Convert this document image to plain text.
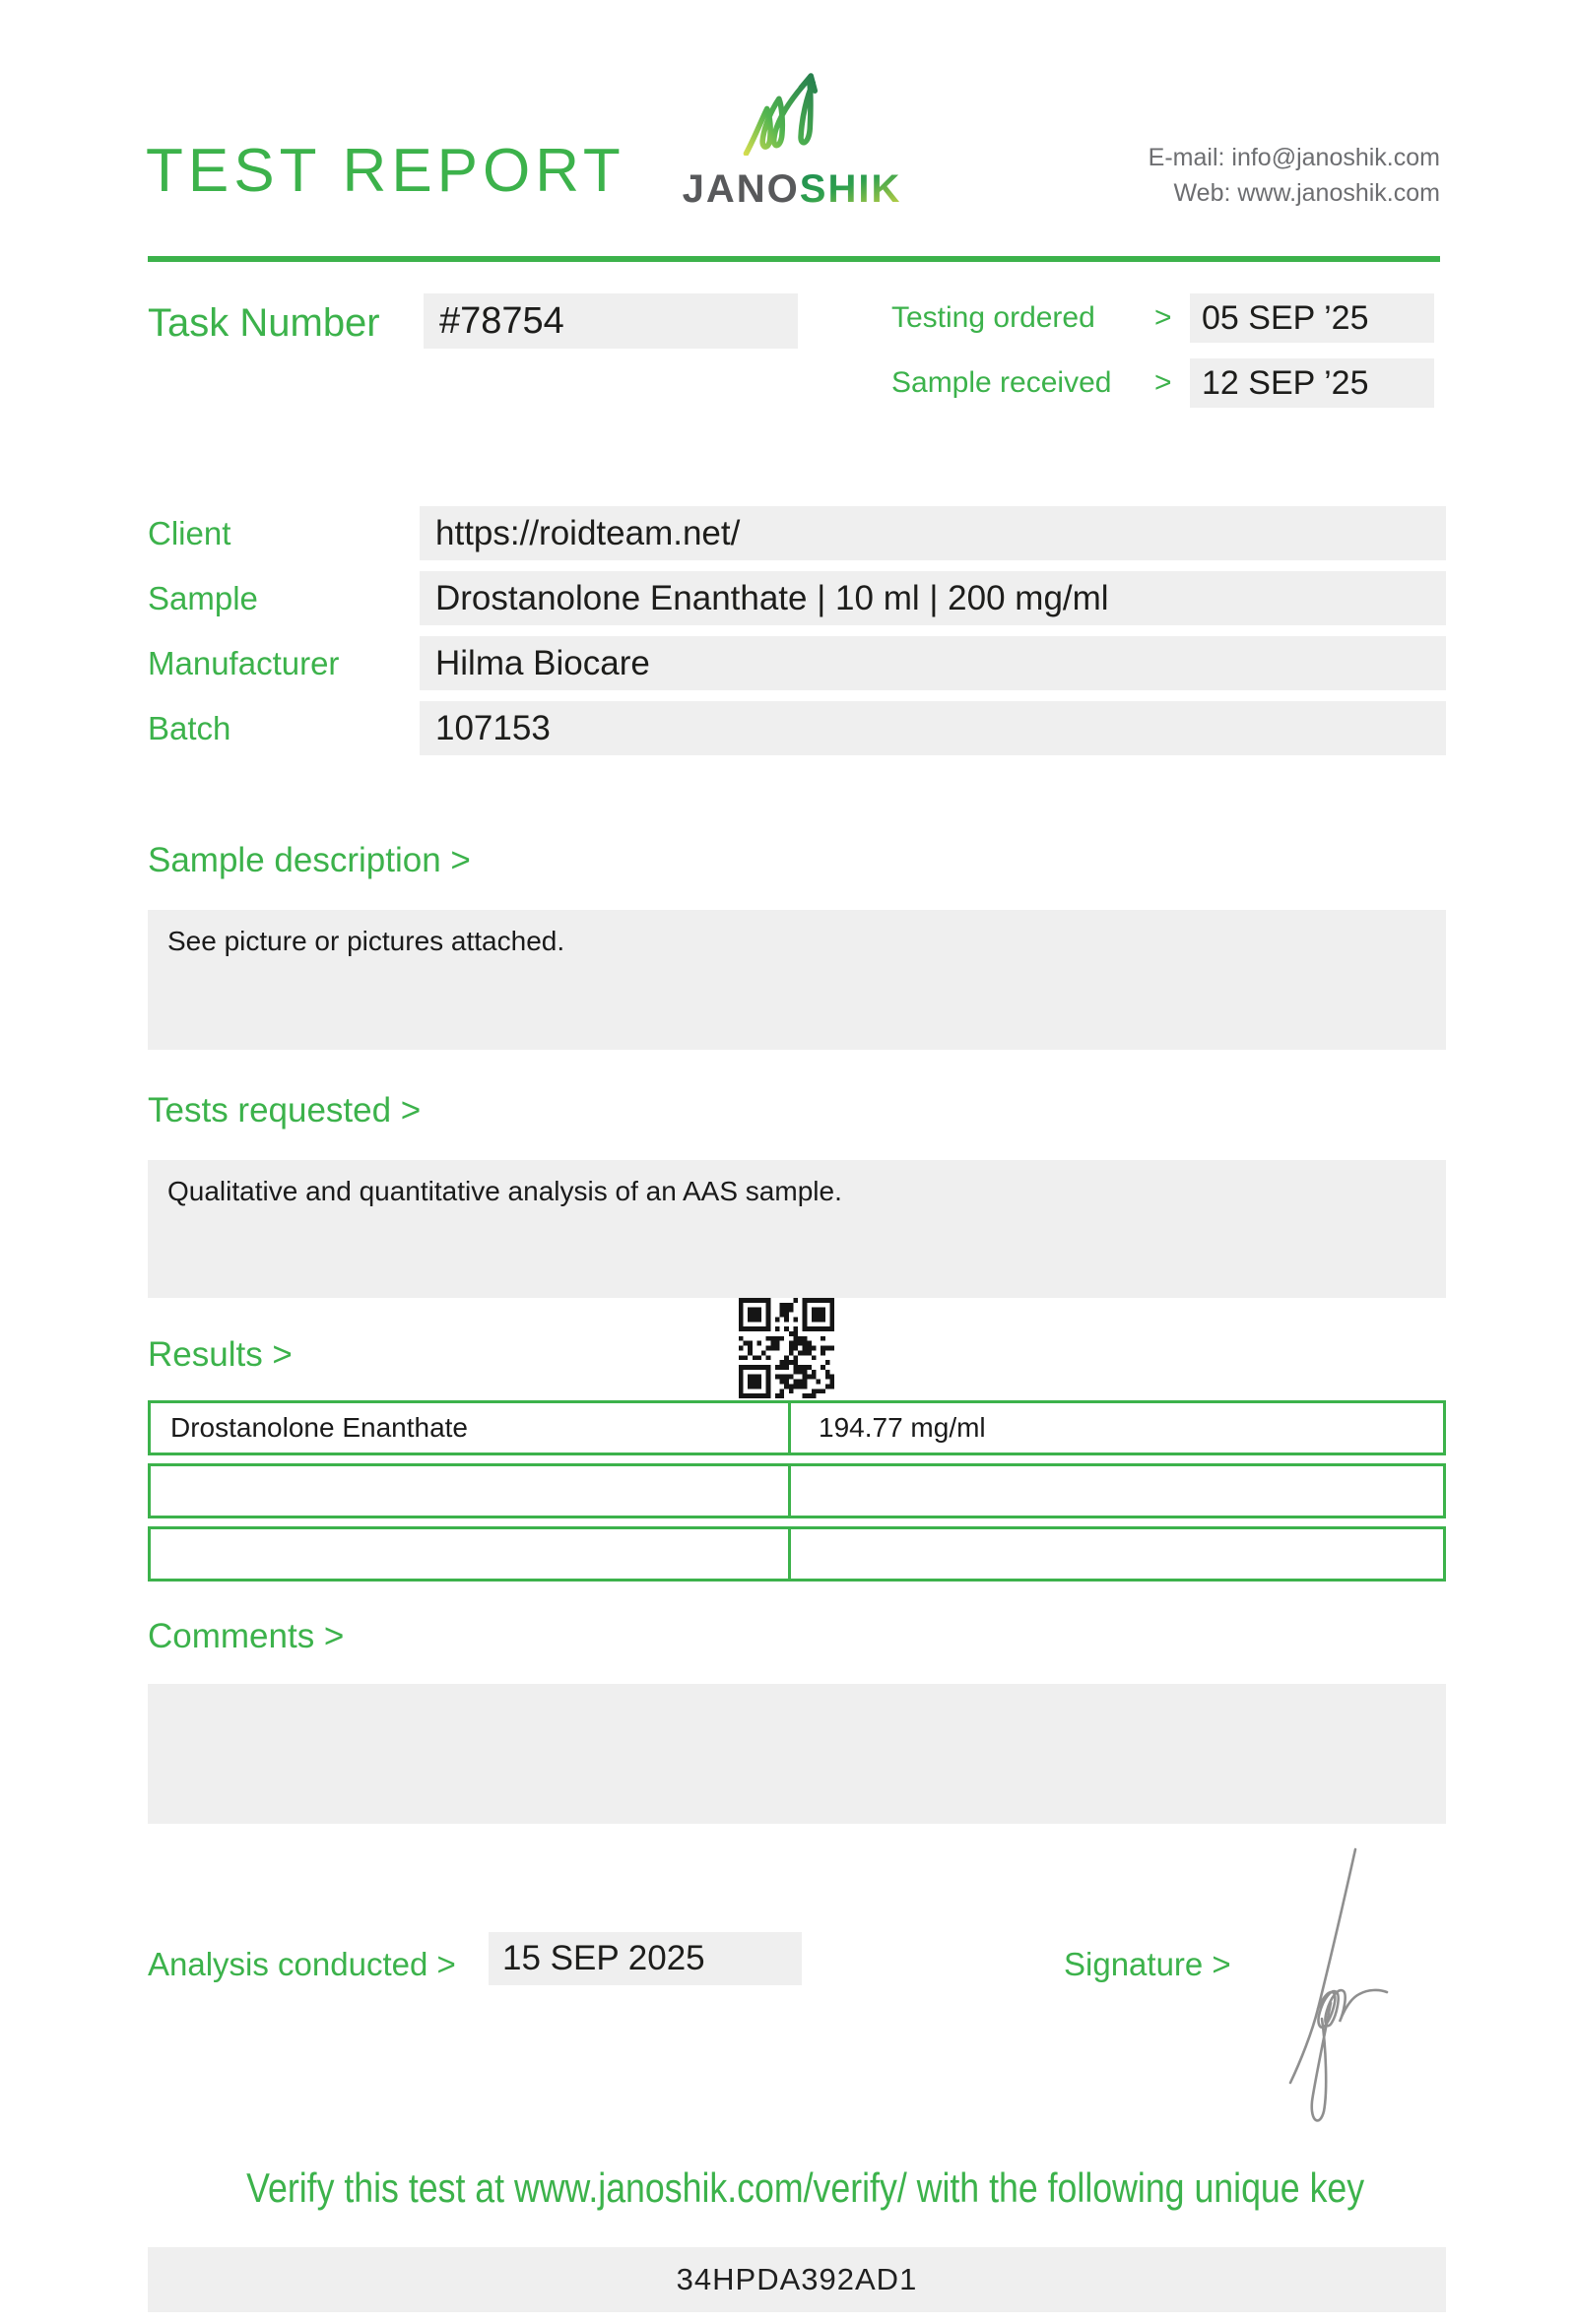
TEST REPORT JANOSHIK
E-mail: info@janoshik.com
Web: www.janoshik.com
Task Number	#78754	Testing ordered > 05 SEP ’25
Sample received > 12 SEP ’25
Client	https://roidteam.net/
Sample	Drostanolone Enanthate | 10 ml | 200 mg/ml
Manufacturer	Hilma Biocare
Batch	107153
Sample description >
See picture or pictures attached.
Tests requested >
Qualitative and quantitative analysis of an AAS sample.
Results >
Drostanolone Enanthate	194.77 mg/ml
Comments >
Analysis conducted >	15 SEP 2025	Signature >
Verify this test at www.janoshik.com/verify/ with the following unique key
34HPDA392AD1
